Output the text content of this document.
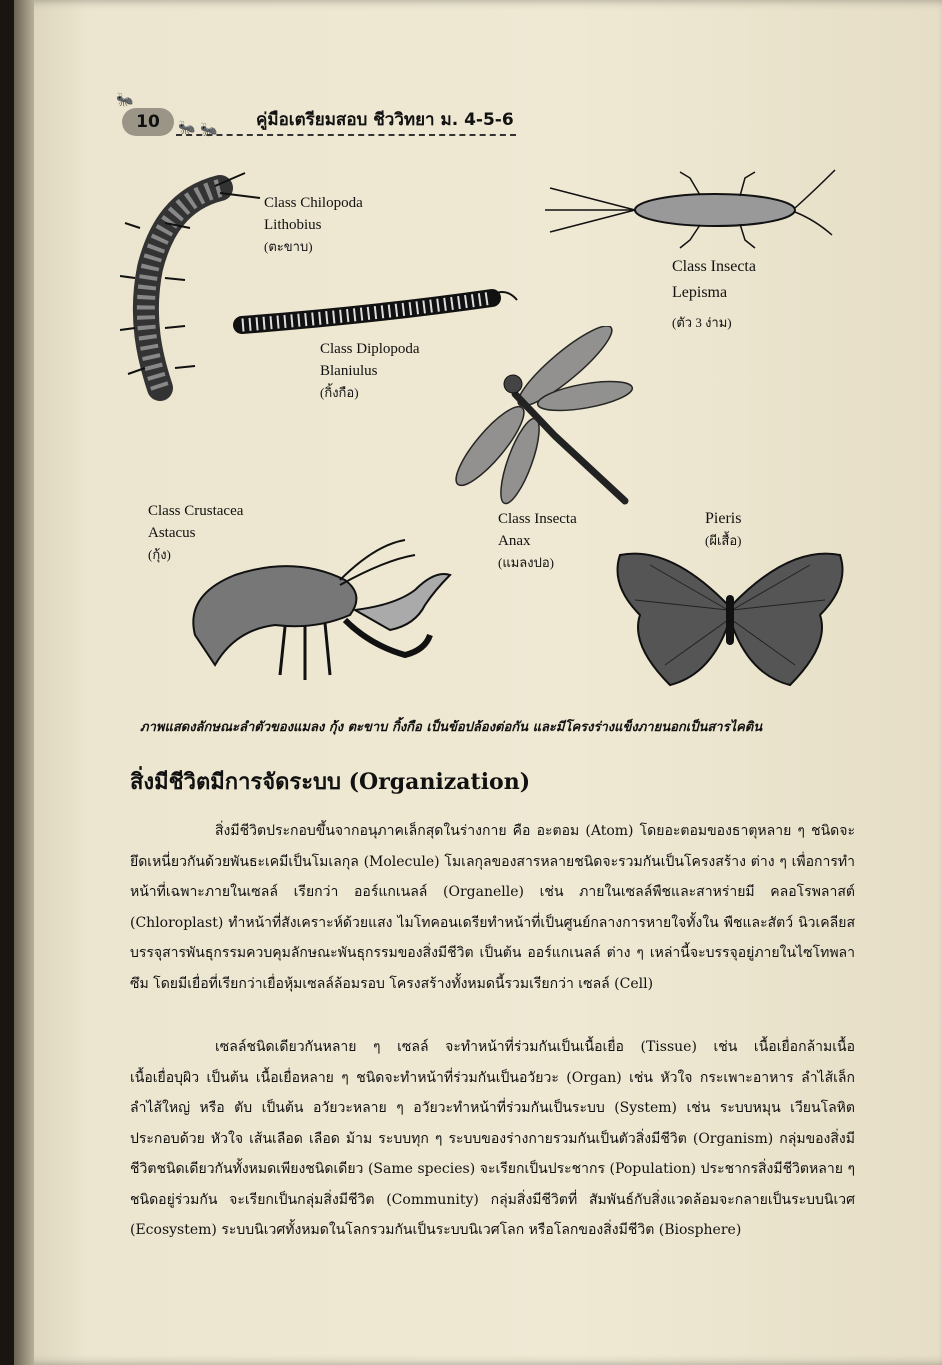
🐜
10	🐜 🐜 คู่มือเตรียมสอบ ชีววิทยา ม. 4-5-6
Class Chilopoda
Lithobius
(ตะขาบ)
Class Insecta
Lepisma
(ตัว 3 ง่าม)
Class Diplopoda
Blaniulus
(กิ้งกือ)
Class Insecta
Anax
(แมลงปอ)
Class Crustacea
Astacus
(กุ้ง)
Pieris
(ผีเสื้อ)
ภาพแสดงลักษณะลำตัวของแมลง กุ้ง ตะขาบ กิ้งกือ เป็นข้อปล้องต่อกัน และมีโครงร่างแข็งภายนอกเป็นสารไคติน
สิ่งมีชีวิตมีการจัดระบบ (Organization)

สิ่งมีชีวิตประกอบขึ้นจากอนุภาคเล็กสุดในร่างกาย คือ อะตอม (Atom) โดยอะตอมของธาตุหลาย ๆ ชนิดจะยึดเหนี่ยวกันด้วยพันธะเคมีเป็นโมเลกุล (Molecule) โมเลกุลของสารหลายชนิดจะรวมกันเป็นโครงสร้าง ต่าง ๆ เพื่อการทำหน้าที่เฉพาะภายในเซลล์ เรียกว่า ออร์แกเนลล์ (Organelle) เช่น ภายในเซลล์พืชและสาหร่ายมี คลอโรพลาสต์ (Chloroplast) ทำหน้าที่สังเคราะห์ด้วยแสง ไมโทคอนเดรียทำหน้าที่เป็นศูนย์กลางการหายใจทั้งใน พืชและสัตว์ นิวเคลียสบรรจุสารพันธุกรรมควบคุมลักษณะพันธุกรรมของสิ่งมีชีวิต เป็นต้น ออร์แกเนลล์ ต่าง ๆ เหล่านี้จะบรรจุอยู่ภายในไซโทพลาซึม โดยมีเยื่อที่เรียกว่าเยื่อหุ้มเซลล์ล้อมรอบ โครงสร้างทั้งหมดนี้รวมเรียกว่า เซลล์ (Cell)

เซลล์ชนิดเดียวกันหลาย ๆ เซลล์ จะทำหน้าที่ร่วมกันเป็นเนื้อเยื่อ (Tissue) เช่น เนื้อเยื่อกล้ามเนื้อ เนื้อเยื่อบุผิว เป็นต้น เนื้อเยื่อหลาย ๆ ชนิดจะทำหน้าที่ร่วมกันเป็นอวัยวะ (Organ) เช่น หัวใจ กระเพาะอาหาร ลำไส้เล็ก ลำไส้ใหญ่ หรือ ตับ เป็นต้น อวัยวะหลาย ๆ อวัยวะทำหน้าที่ร่วมกันเป็นระบบ (System) เช่น ระบบหมุน เวียนโลหิต ประกอบด้วย หัวใจ เส้นเลือด เลือด ม้าม ระบบทุก ๆ ระบบของร่างกายรวมกันเป็นตัวสิ่งมีชีวิต (Organism) กลุ่มของสิ่งมีชีวิตชนิดเดียวกันทั้งหมดเพียงชนิดเดียว (Same species) จะเรียกเป็นประชากร (Population) ประชากรสิ่งมีชีวิตหลาย ๆ ชนิดอยู่ร่วมกัน จะเรียกเป็นกลุ่มสิ่งมีชีวิต (Community) กลุ่มสิ่งมีชีวิตที่ สัมพันธ์กับสิ่งแวดล้อมจะกลายเป็นระบบนิเวศ (Ecosystem) ระบบนิเวศทั้งหมดในโลกรวมกันเป็นระบบนิเวศโลก หรือโลกของสิ่งมีชีวิต (Biosphere)
